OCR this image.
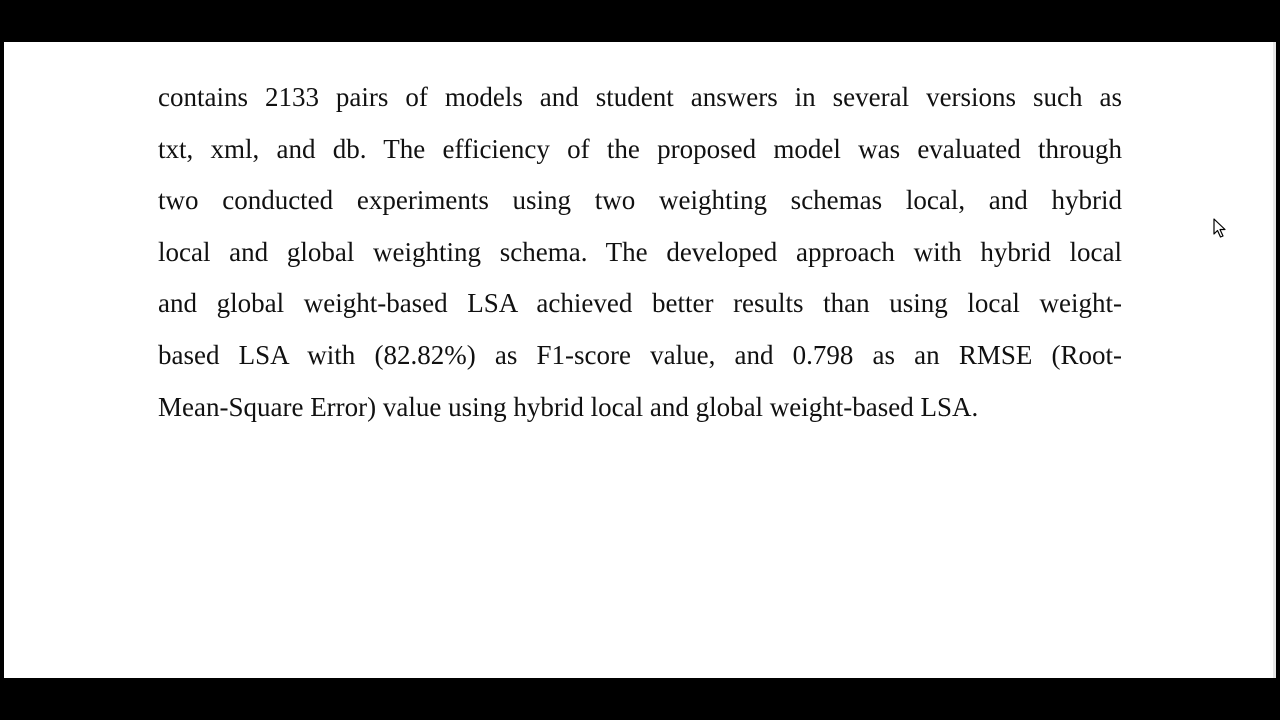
contains 2133 pairs of models and student answers in several versions such as
txt, xml, and db. The efficiency of the proposed model was evaluated through
two conducted experiments using two weighting schemas local, and hybrid
local and global weighting schema. The developed approach with hybrid local
and global weight-based LSA achieved better results than using local weight-
based LSA with (82.82%) as F1-score value, and 0.798 as an RMSE (Root-
Mean-Square Error) value using hybrid local and global weight-based LSA.
